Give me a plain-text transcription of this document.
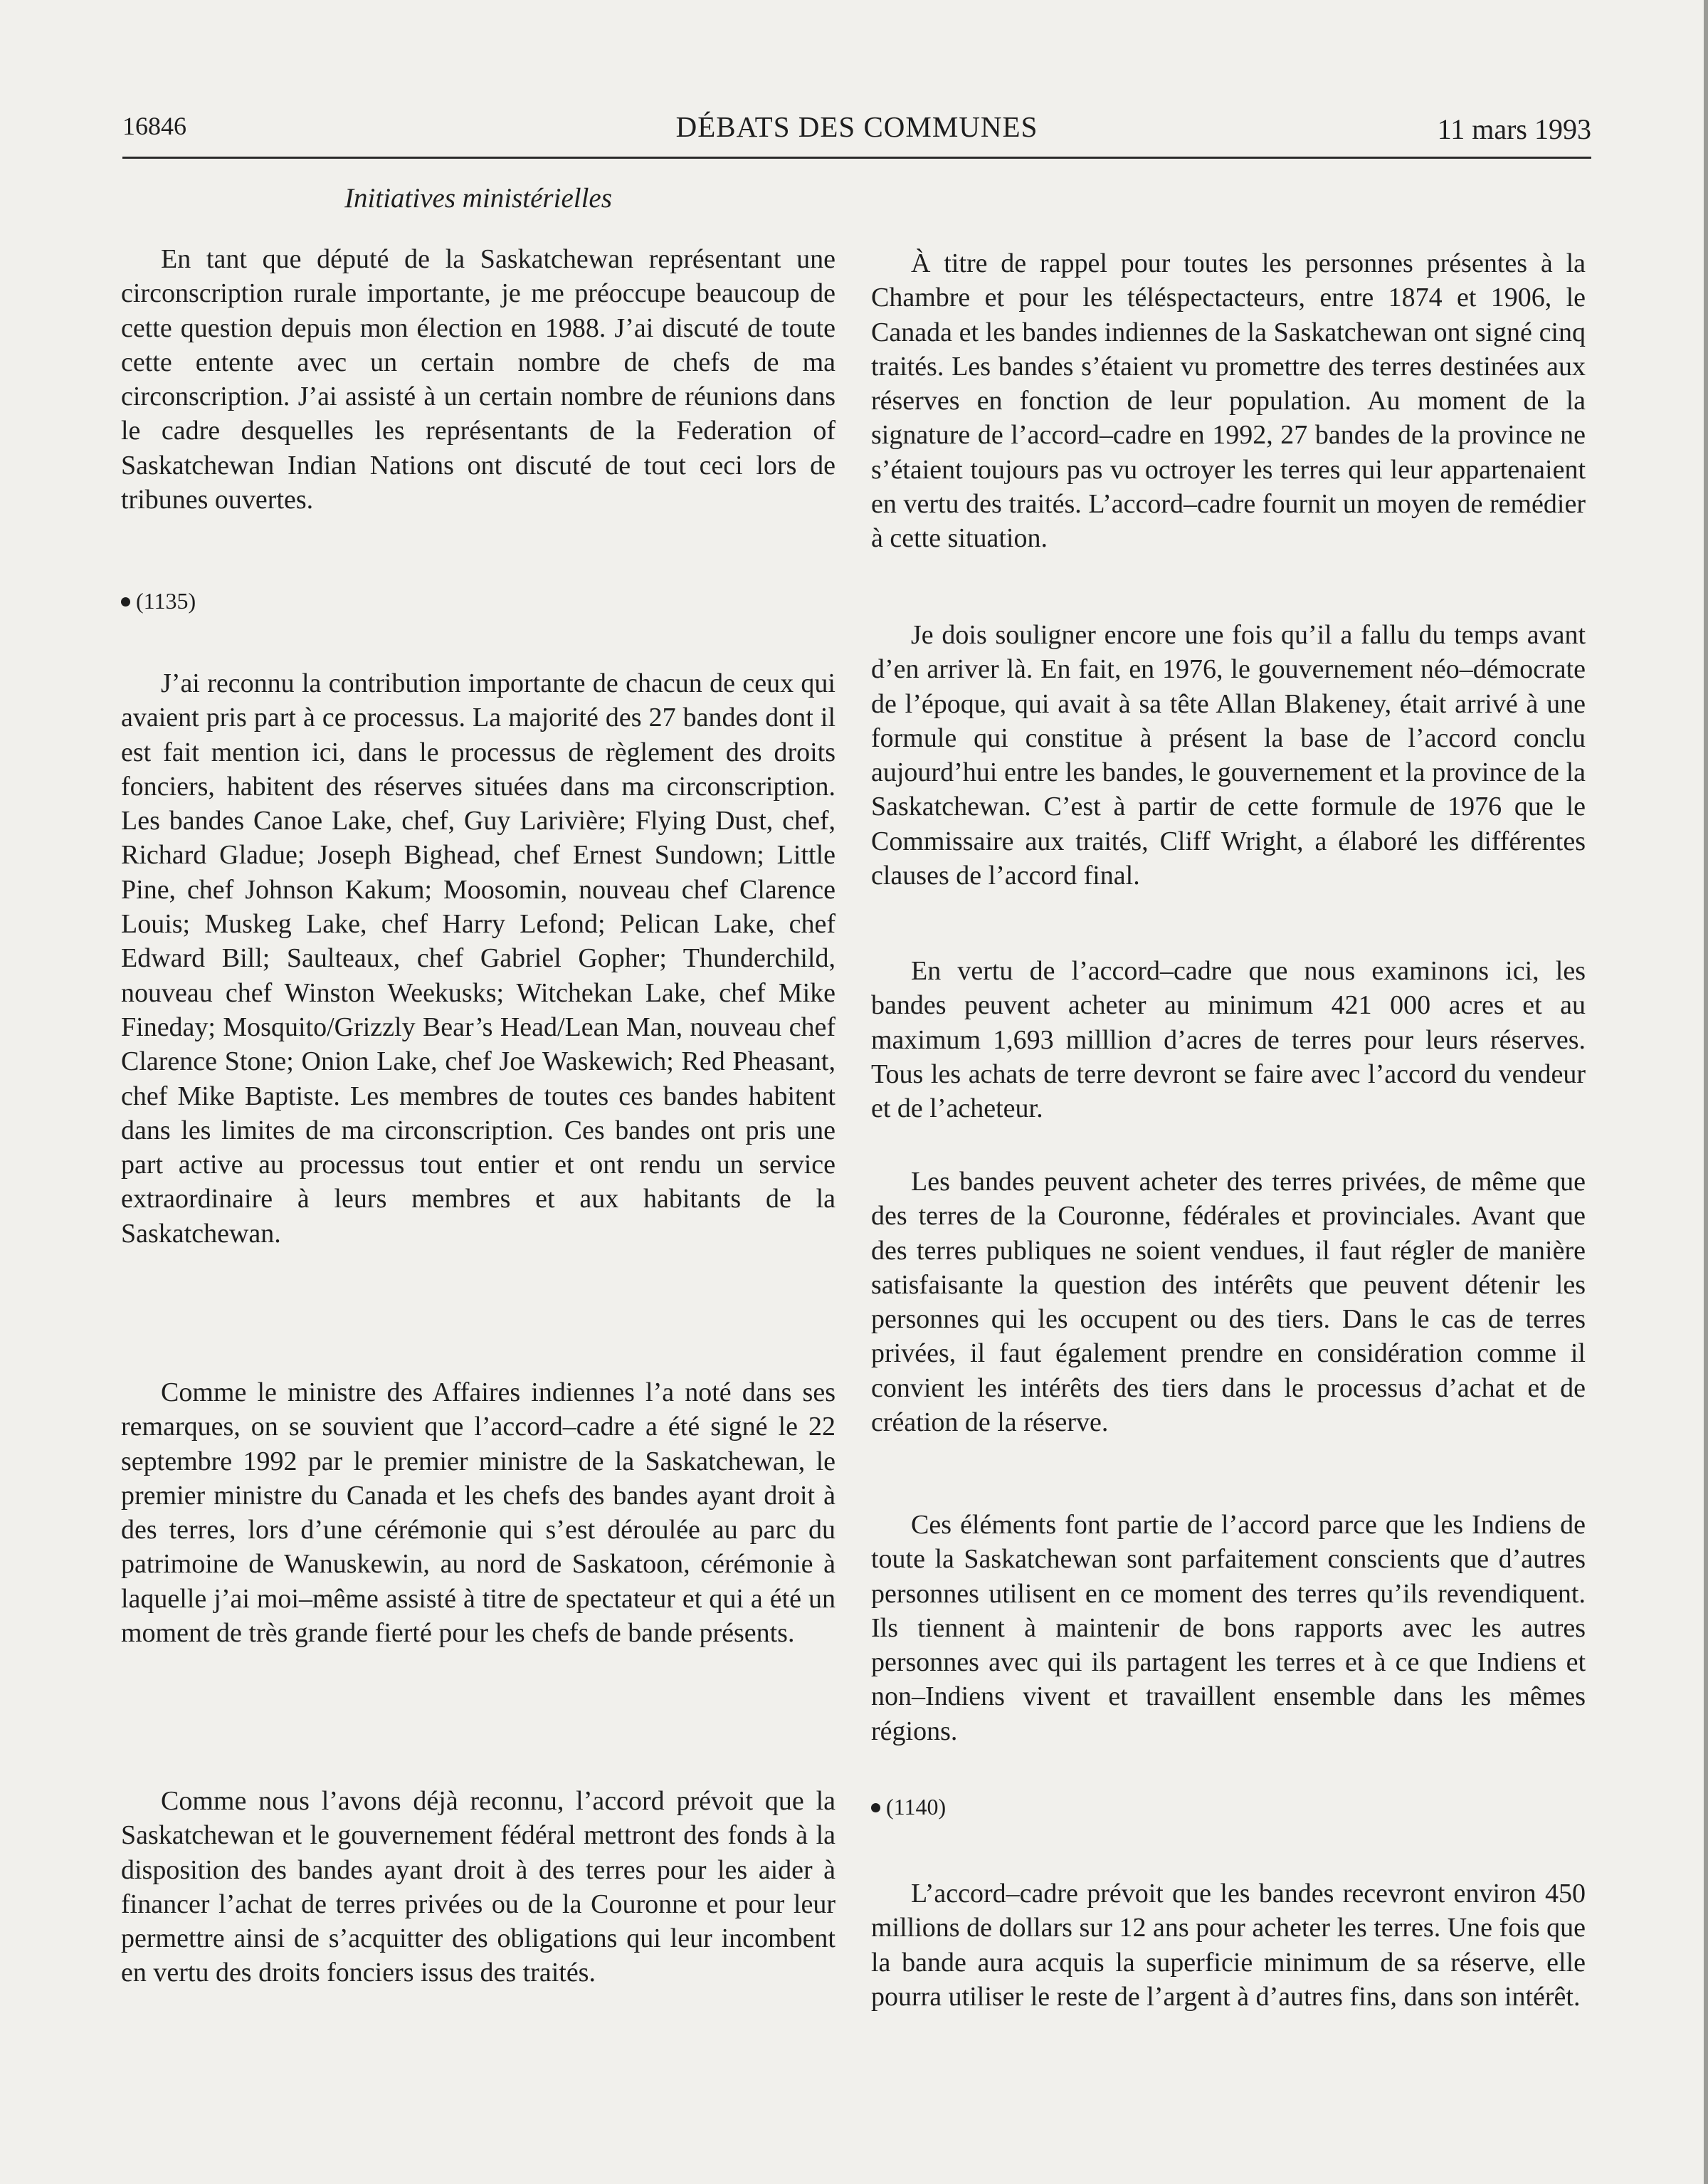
16846	DÉBATS DES COMMUNES	11 mars 1993
Initiatives ministérielles

En tant que député de la Saskatchewan représentant une circonscription rurale importante, je me préoccupe beaucoup de cette question depuis mon élection en 1988. J’ai discuté de toute cette entente avec un certain nombre de chefs de ma circonscription. J’ai assisté à un certain nombre de réunions dans le cadre desquelles les représentants de la Federation of Saskatchewan Indian Nations ont discuté de tout ceci lors de tribunes ouvertes.

(1135)

J’ai reconnu la contribution importante de chacun de ceux qui avaient pris part à ce processus. La majorité des 27 bandes dont il est fait mention ici, dans le processus de règlement des droits fonciers, habitent des réserves situées dans ma circonscription. Les bandes Canoe Lake, chef, Guy Larivière; Flying Dust, chef, Richard Gladue; Joseph Bighead, chef Ernest Sundown; Little Pine, chef Johnson Kakum; Moosomin, nouveau chef Clarence Louis; Muskeg Lake, chef Harry Lefond; Pelican Lake, chef Edward Bill; Saulteaux, chef Gabriel Gopher; Thunderchild, nouveau chef Winston Weekusks; Witchekan Lake, chef Mike Fineday; Mosquito/Grizzly Bear’s Head/Lean Man, nouveau chef Clarence Stone; Onion Lake, chef Joe Waskewich; Red Pheasant, chef Mike Baptiste. Les membres de toutes ces bandes habitent dans les limites de ma circonscription. Ces bandes ont pris une part active au processus tout entier et ont rendu un service extraordinaire à leurs membres et aux habitants de la Saskatchewan.

Comme le ministre des Affaires indiennes l’a noté dans ses remarques, on se souvient que l’accord–cadre a été signé le 22 septembre 1992 par le premier ministre de la Saskatchewan, le premier ministre du Canada et les chefs des bandes ayant droit à des terres, lors d’une cérémonie qui s’est déroulée au parc du patrimoine de Wanuskewin, au nord de Saskatoon, cérémonie à laquelle j’ai moi–même assisté à titre de spectateur et qui a été un moment de très grande fierté pour les chefs de bande présents.

Comme nous l’avons déjà reconnu, l’accord prévoit que la Saskatchewan et le gouvernement fédéral mettront des fonds à la disposition des bandes ayant droit à des terres pour les aider à financer l’achat de terres privées ou de la Couronne et pour leur permettre ainsi de s’acquitter des obligations qui leur incombent en vertu des droits fonciers issus des traités.

À titre de rappel pour toutes les personnes présentes à la Chambre et pour les téléspectacteurs, entre 1874 et 1906, le Canada et les bandes indiennes de la Saskatchewan ont signé cinq traités. Les bandes s’étaient vu promettre des terres destinées aux réserves en fonction de leur population. Au moment de la signature de l’accord–cadre en 1992, 27 bandes de la province ne s’étaient toujours pas vu octroyer les terres qui leur appartenaient en vertu des traités. L’accord–cadre fournit un moyen de remédier à cette situation.

Je dois souligner encore une fois qu’il a fallu du temps avant d’en arriver là. En fait, en 1976, le gouvernement néo–démocrate de l’époque, qui avait à sa tête Allan Blakeney, était arrivé à une formule qui constitue à présent la base de l’accord conclu aujourd’hui entre les bandes, le gouvernement et la province de la Saskatchewan. C’est à partir de cette formule de 1976 que le Commissaire aux traités, Cliff Wright, a élaboré les différentes clauses de l’accord final.

En vertu de l’accord–cadre que nous examinons ici, les bandes peuvent acheter au minimum 421 000 acres et au maximum 1,693 milllion d’acres de terres pour leurs réserves. Tous les achats de terre devront se faire avec l’accord du vendeur et de l’acheteur.

Les bandes peuvent acheter des terres privées, de même que des terres de la Couronne, fédérales et provinciales. Avant que des terres publiques ne soient vendues, il faut régler de manière satisfaisante la question des intérêts que peuvent détenir les personnes qui les occupent ou des tiers. Dans le cas de terres privées, il faut également prendre en considération comme il convient les intérêts des tiers dans le processus d’achat et de création de la réserve.

Ces éléments font partie de l’accord parce que les Indiens de toute la Saskatchewan sont parfaitement conscients que d’autres personnes utilisent en ce moment des terres qu’ils revendiquent. Ils tiennent à maintenir de bons rapports avec les autres personnes avec qui ils partagent les terres et à ce que Indiens et non–Indiens vivent et travaillent ensemble dans les mêmes régions.

(1140)

L’accord–cadre prévoit que les bandes recevront environ 450 millions de dollars sur 12 ans pour acheter les terres. Une fois que la bande aura acquis la superficie minimum de sa réserve, elle pourra utiliser le reste de l’argent à d’autres fins, dans son intérêt.
